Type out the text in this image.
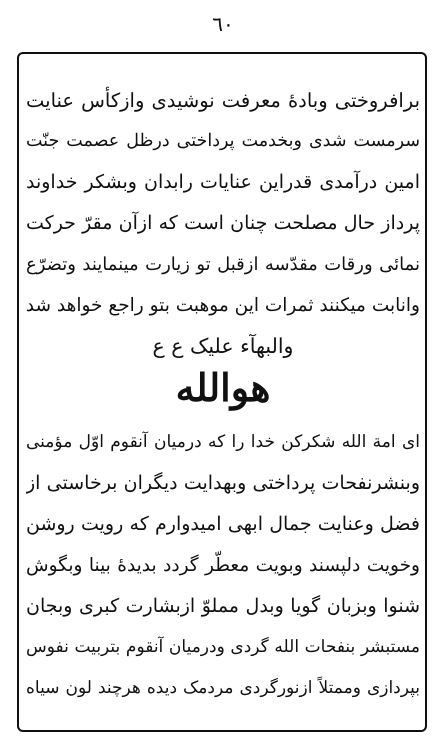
٦٠
برافروختی وبادهٔ معرفت نوشیدی وازکأس عنایت
سرمست شدی وبخدمت پرداختی درظل عصمت جنّت
امین درآمدی قدراین عنایات رابدان وبشکر خداوند
پرداز حال مصلحت چنان است که ازآن مقرّ حرکت
نمائی ورقات مقدّسه ازقبل تو زیارت مینمایند وتضرّع
وانابت میکنند ثمرات این موهبت بتو راجع خواهد شد
والبهآء علیک ع ع
هوالله
ای امة الله شکرکن خدا را که درمیان آنقوم اوّل مؤمنی
وبنشرنفحات پرداختی وبهدایت دیگران برخاستی از
فضل وعنایت جمال ابهی امیدوارم که رویت روشن
وخویت دلپسند وبویت معطّر گردد بدیدهٔ بینا وبگوش
شنوا وبزبان گویا وبدل مملوّ ازبشارت کبری وبجان
مستبشر بنفحات الله گردی ودرمیان آنقوم بتربیت نفوس
بپردازی وممتلاً ازنورگردی مردمک دیده هرچند لون سیاه
